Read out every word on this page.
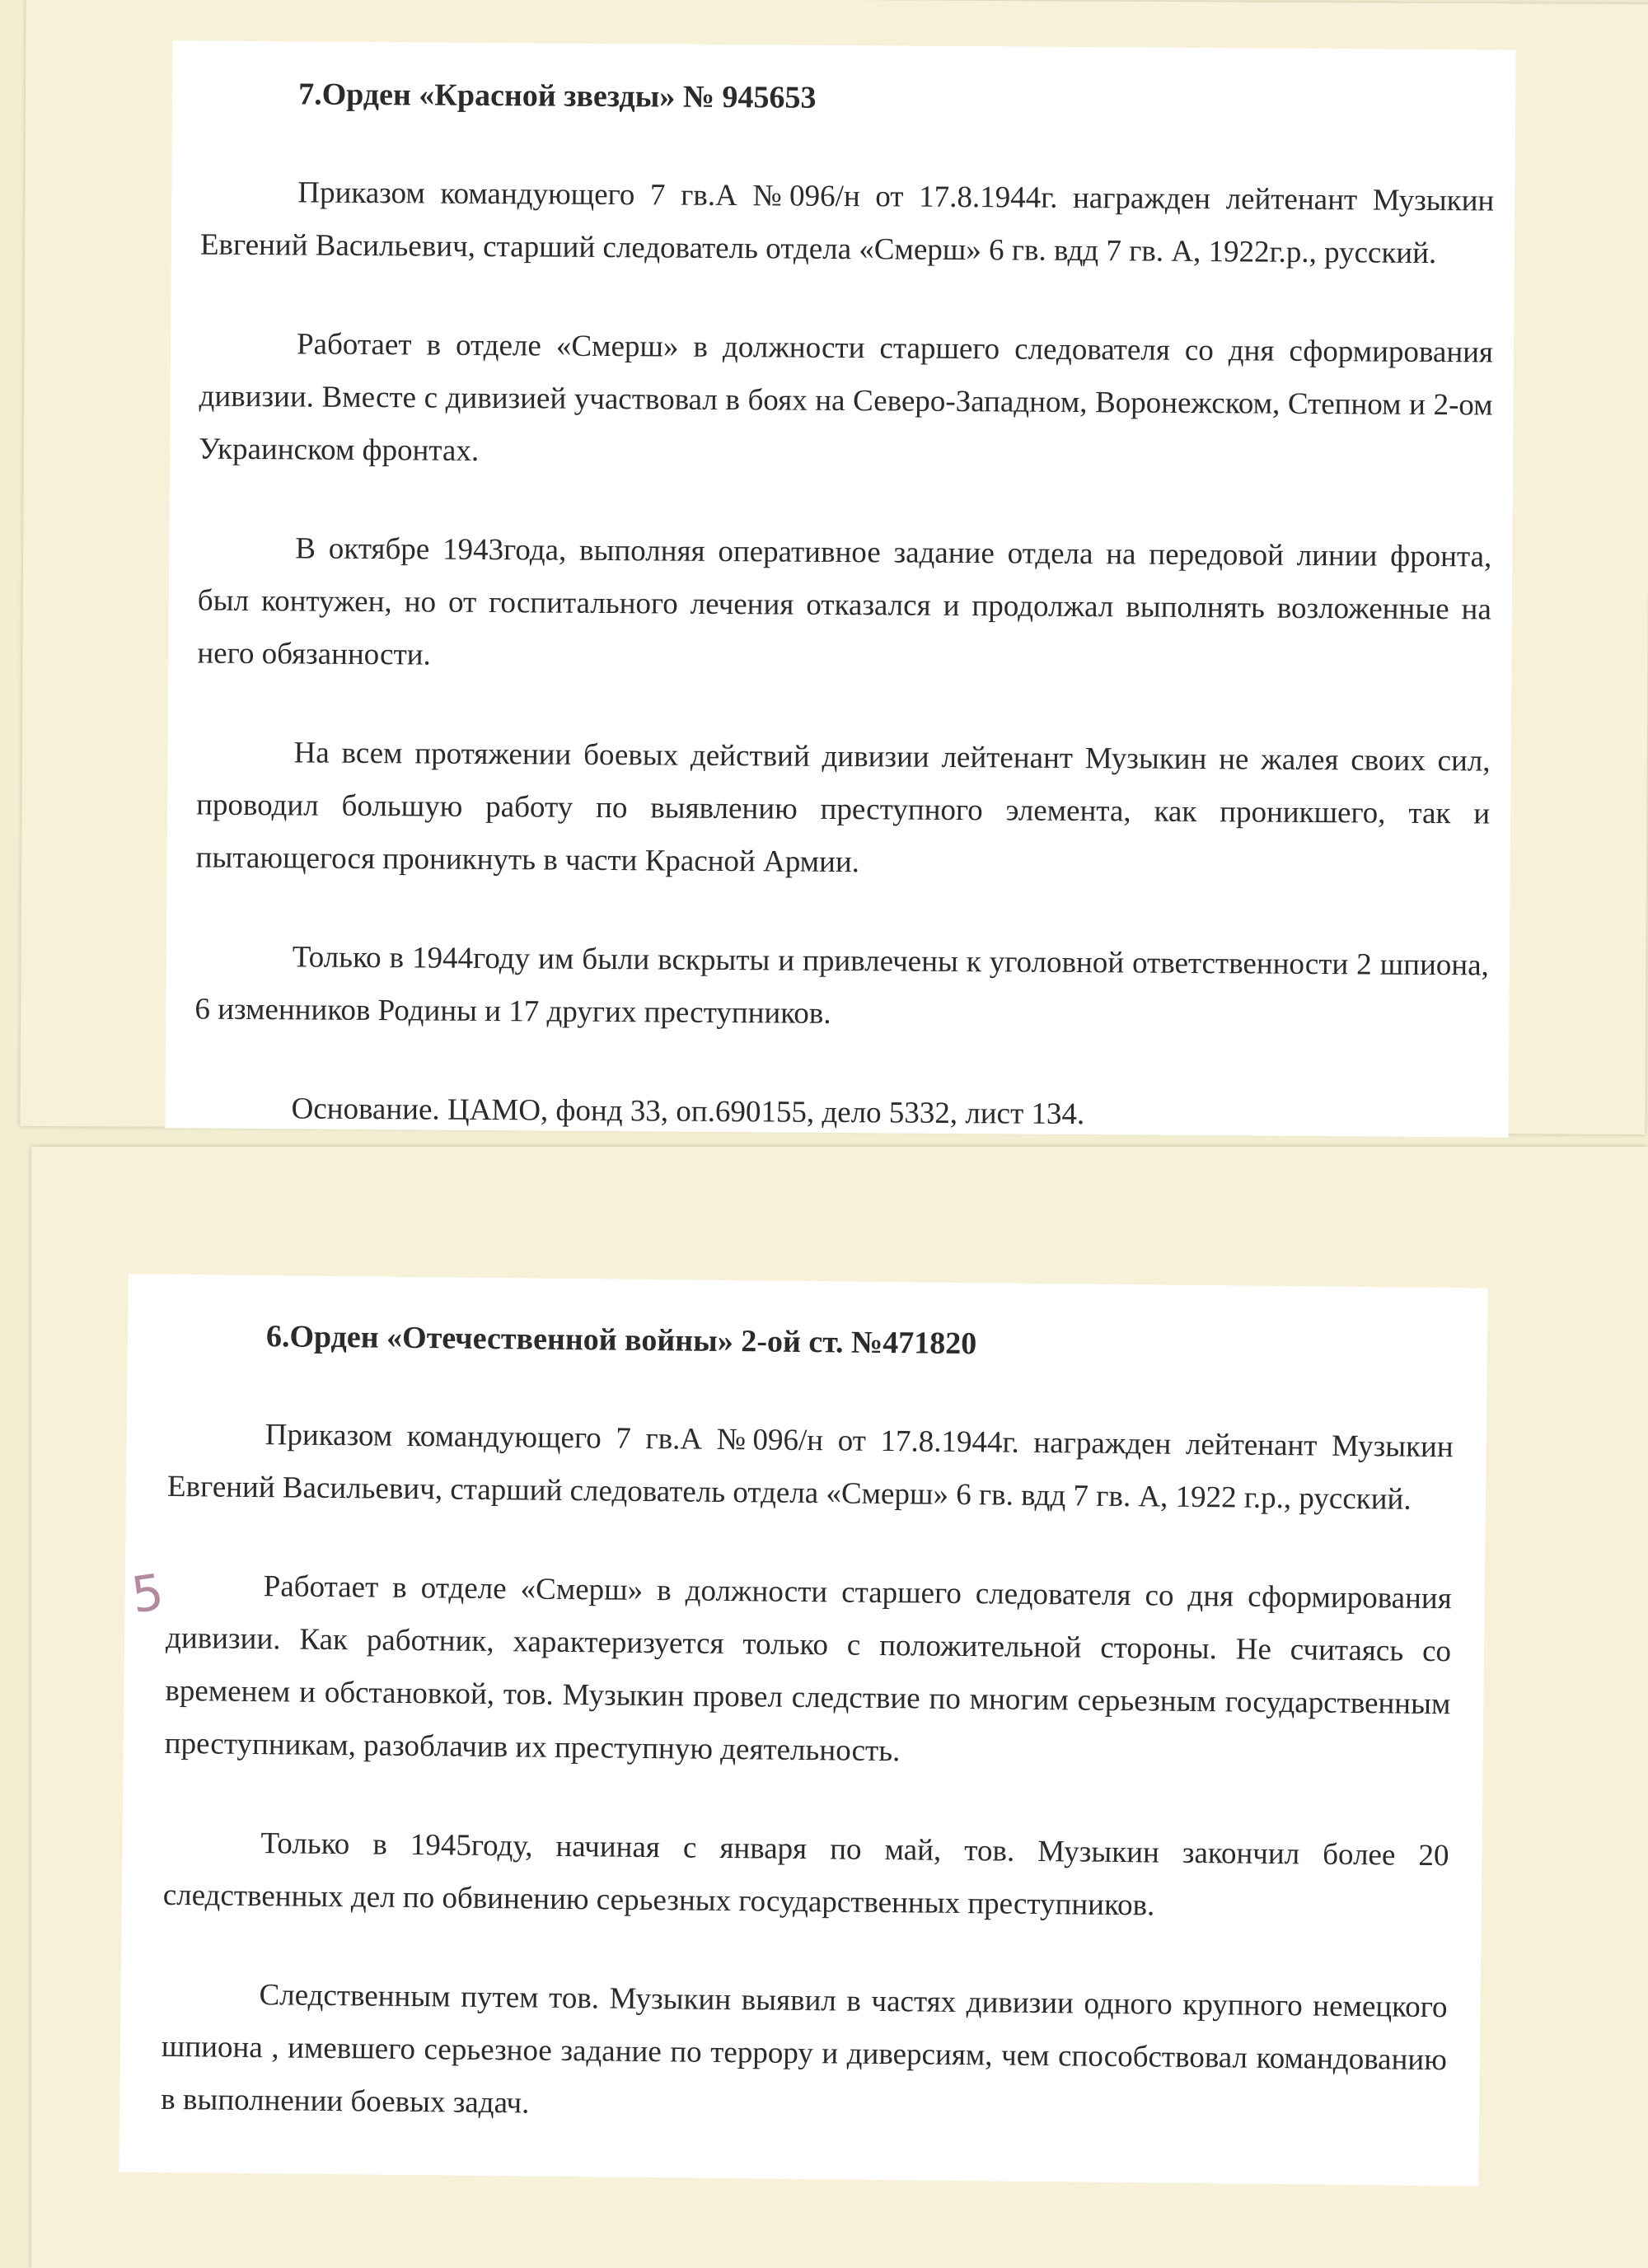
7.Орден «Красной звезды» № 945653

Приказом командующего 7 гв.А №096/н от 17.8.1944г. награжден лейтенант Музыкин Евгений Васильевич, старший следователь отдела «Смерш» 6 гв. вдд 7 гв. А, 1922г.р., русский.

Работает в отделе «Смерш» в должности старшего следователя со дня сформирования дивизии. Вместе с дивизией участвовал в боях на Северо-Западном, Воронежском, Степном и 2-ом Украинском фронтах.

В октябре 1943года, выполняя оперативное задание отдела на передовой линии фронта, был контужен, но от госпитального лечения отказался и продолжал выполнять возложенные на него обязанности.

На всем протяжении боевых действий дивизии лейтенант Музыкин не жалея своих сил, проводил большую работу по выявлению преступного элемента, как проникшего, так и пытающегося проникнуть в части Красной Армии.

Только в 1944году им были вскрыты и привлечены к уголовной ответственности 2 шпиона, 6 изменников Родины и 17 других преступников.

Основание. ЦАМО, фонд 33, оп.690155, дело 5332, лист 134.

6.Орден «Отечественной войны» 2-ой ст. №471820

Приказом командующего 7 гв.А №096/н от 17.8.1944г. награжден лейтенант Музыкин Евгений Васильевич, старший следователь отдела «Смерш» 6 гв. вдд 7 гв. А, 1922 г.р., русский.

Работает в отделе «Смерш» в должности старшего следователя со дня сформирования дивизии. Как работник, характеризуется только с положительной стороны. Не считаясь со временем и обстановкой, тов. Музыкин провел следствие по многим серьезным государственным преступникам, разоблачив их преступную деятельность.

Только в 1945году, начиная с января по май, тов. Музыкин закончил более 20 следственных дел по обвинению серьезных государственных преступников.

Следственным путем тов. Музыкин выявил в частях дивизии одного крупного немецкого шпиона , имевшего серьезное задание по террору и диверсиям, чем способствовал командованию в выполнении боевых задач.

5
